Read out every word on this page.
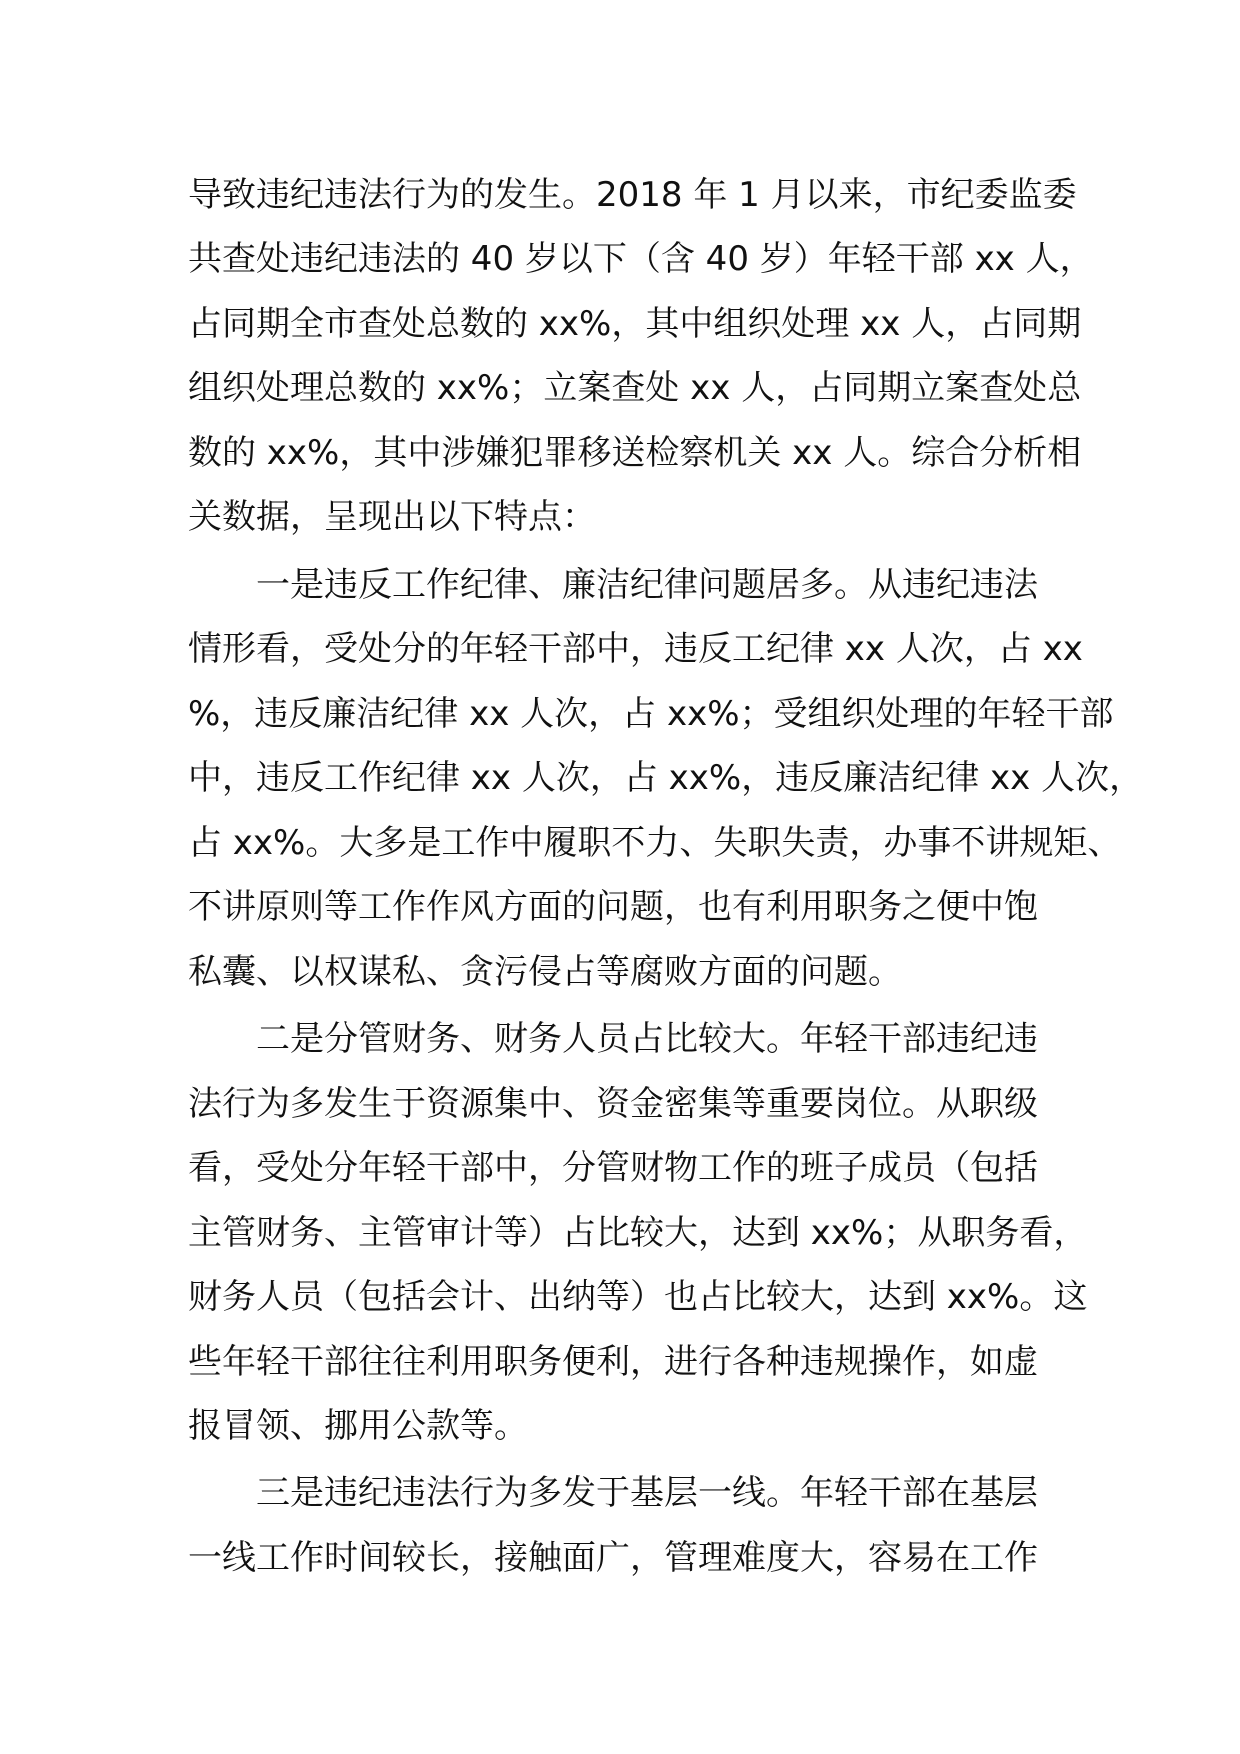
导致违纪违法行为的发生。2018 年 1 月以来，市纪委监委

共查处违纪违法的 40 岁以下（含 40 岁）年轻干部 xx 人，

占同期全市查处总数的 xx%，其中组织处理 xx 人，占同期

组织处理总数的 xx%；立案查处 xx 人，占同期立案查处总

数的 xx%，其中涉嫌犯罪移送检察机关 xx 人。综合分析相

关数据，呈现出以下特点：

一是违反工作纪律、廉洁纪律问题居多。从违纪违法

情形看，受处分的年轻干部中，违反工纪律 xx 人次，占 xx

%，违反廉洁纪律 xx 人次，占 xx%；受组织处理的年轻干部

中，违反工作纪律 xx 人次，占 xx%，违反廉洁纪律 xx 人次，

占 xx%。大多是工作中履职不力、失职失责，办事不讲规矩、

不讲原则等工作作风方面的问题，也有利用职务之便中饱

私囊、以权谋私、贪污侵占等腐败方面的问题。

二是分管财务、财务人员占比较大。年轻干部违纪违

法行为多发生于资源集中、资金密集等重要岗位。从职级

看，受处分年轻干部中，分管财物工作的班子成员（包括

主管财务、主管审计等）占比较大，达到 xx%；从职务看，

财务人员（包括会计、出纳等）也占比较大，达到 xx%。这

些年轻干部往往利用职务便利，进行各种违规操作，如虚

报冒领、挪用公款等。

三是违纪违法行为多发于基层一线。年轻干部在基层

一线工作时间较长，接触面广，管理难度大，容易在工作
